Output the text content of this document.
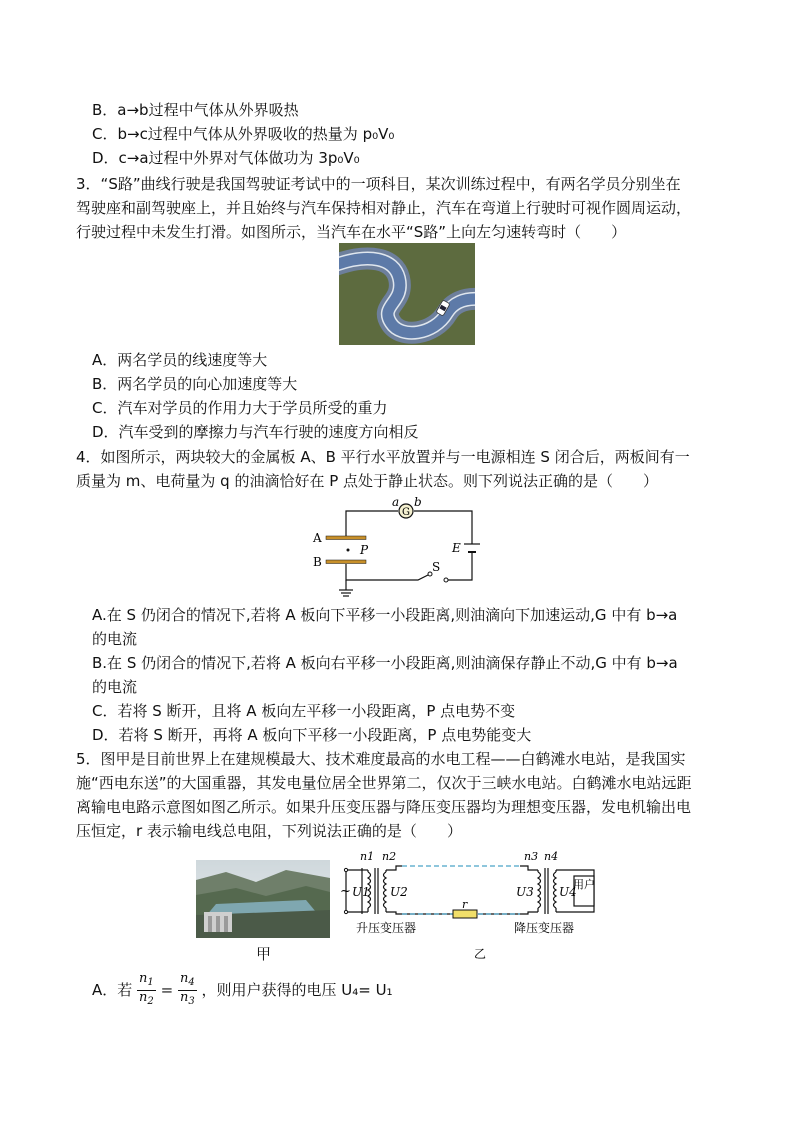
B．a→b过程中气体从外界吸热
C．b→c过程中气体从外界吸收的热量为 p₀V₀
D．c→a过程中外界对气体做功为 3p₀V₀
3．“S路”曲线行驶是我国驾驶证考试中的一项科目，某次训练过程中，有两名学员分别坐在
驾驶座和副驾驶座上，并且始终与汽车保持相对静止，汽车在弯道上行驶时可视作圆周运动，
行驶过程中未发生打滑。如图所示，当汽车在水平“S路”上向左匀速转弯时（　　）
A．两名学员的线速度等大
B．两名学员的向心加速度等大
C．汽车对学员的作用力大于学员所受的重力
D．汽车受到的摩擦力与汽车行驶的速度方向相反
4．如图所示，两块较大的金属板 A、B 平行水平放置并与一电源相连 S 闭合后，两板间有一
质量为 m、电荷量为 q 的油滴恰好在 P 点处于静止状态。则下列说法正确的是（　　）
G
a b
A
B
P	E
S
A.在 S 仍闭合的情况下,若将 A 板向下平移一小段距离,则油滴向下加速运动,G 中有 b→a
的电流
B.在 S 仍闭合的情况下,若将 A 板向右平移一小段距离,则油滴保存静止不动,G 中有 b→a
的电流
C．若将 S 断开，且将 A 板向左平移一小段距离，P 点电势不变
D．若将 S 断开，再将 A 板向下平移一小段距离，P 点电势能变大
5．图甲是目前世界上在建规模最大、技术难度最高的水电工程——白鹤滩水电站，是我国实
施“西电东送”的大国重器，其发电量位居全世界第二，仅次于三峡水电站。白鹤滩水电站远距
离输电电路示意图如图乙所示。如果升压变压器与降压变压器均为理想变压器，发电机输出电
压恒定，r 表示输电线总电阻，下列说法正确的是（　　）
甲
~ U1 U2
n1 n2
U3 U4
n3 n4
r
用户
升压变压器	降压变压器
乙
A．若 $\frac{n_1}{n_2} = \frac{n_4}{n_3}$ ，则用户获得的电压 U₄= U₁
